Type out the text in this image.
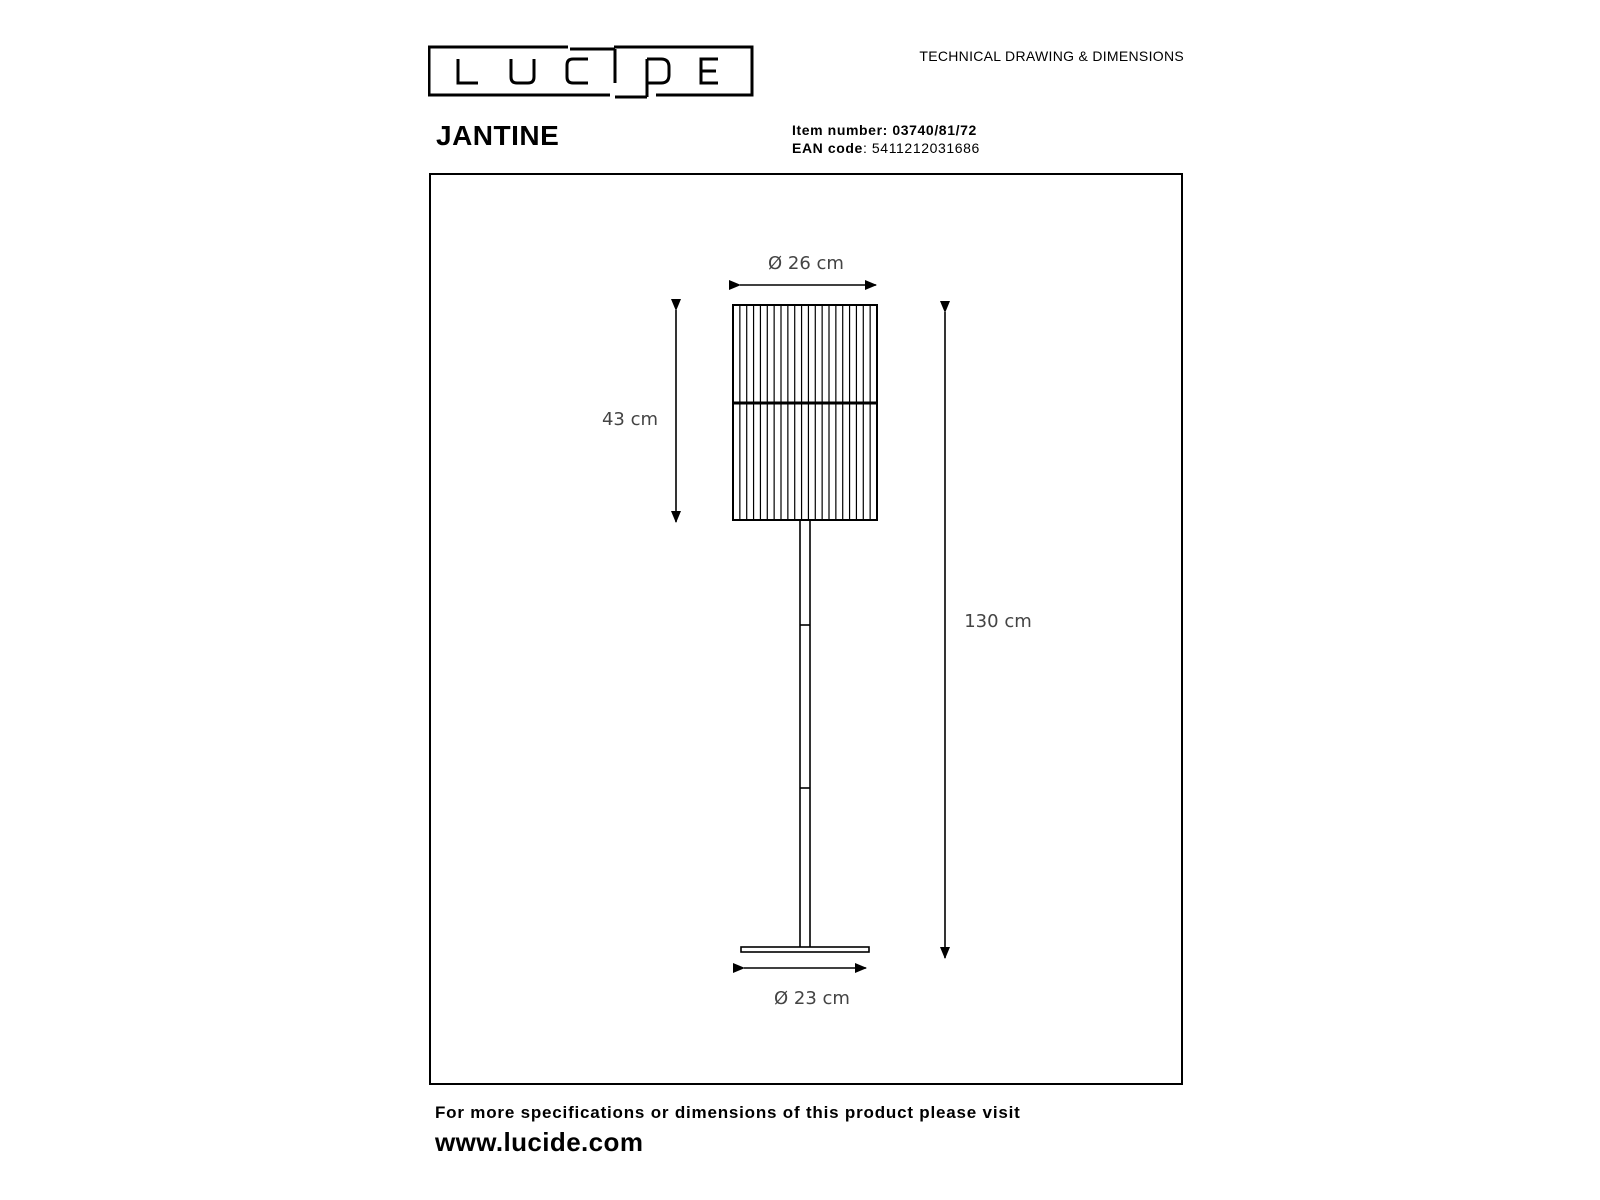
TECHNICAL DRAWING & DIMENSIONS
JANTINE	Item number: 03740/81/72
EAN code: 5411212031686
Ø 26 cm
43 cm
130 cm
Ø 23 cm
For more specifications or dimensions of this product please visit
www.lucide.com
